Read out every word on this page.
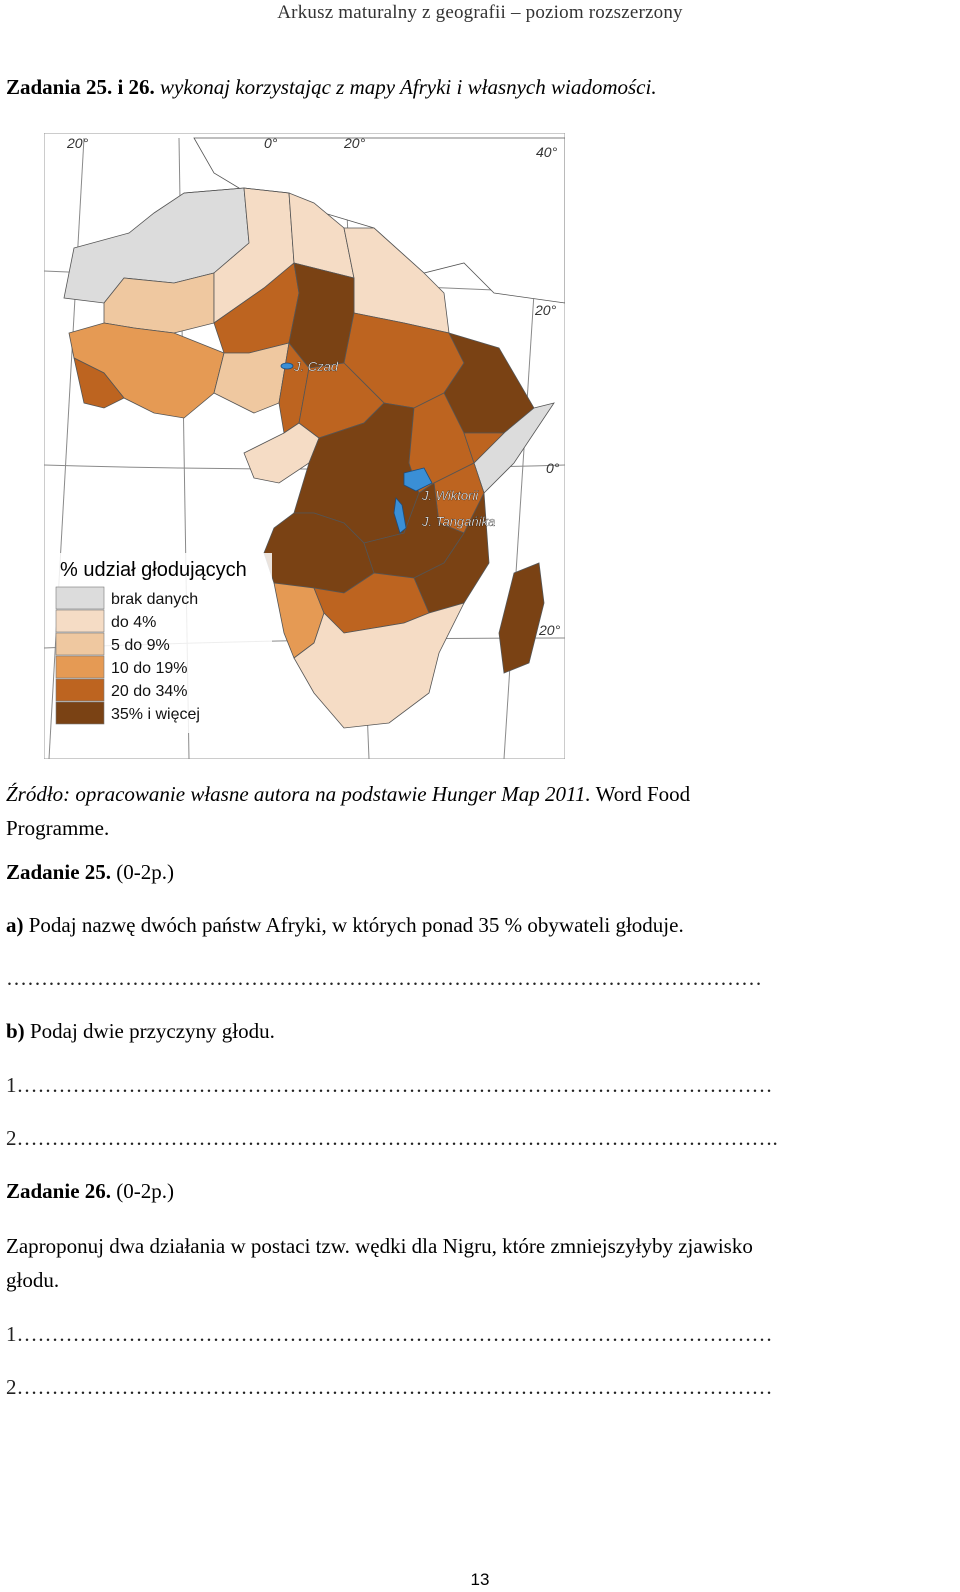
Arkusz maturalny z geografii – poziom rozszerzony
Zadania 25. i 26. wykonaj korzystając z mapy Afryki i własnych wiadomości.
20°	0°	20°
40°
20°
0°
20°
J. Czad
J. Wiktorii
J. Tangańika
% udział głodujących
brak danych
do 4%
5 do 9%
10 do 19%
20 do 34%
35% i więcej
Źródło: opracowanie własne autora na podstawie Hunger Map 2011. Word Food
Programme.
Zadanie 25. (0-2p.)
a) Podaj nazwę dwóch państw Afryki, w których ponad 35 % obywateli głoduje.
………………………………………………………………………………………………
b) Podaj dwie przyczyny głodu.
1………………………………………………………………………………………………
2……………………………………………………………………………………………….
Zadanie 26. (0-2p.)
Zaproponuj dwa działania w postaci tzw. wędki dla Nigru, które zmniejszyłyby zjawisko
głodu.
1………………………………………………………………………………………………
2………………………………………………………………………………………………
13
